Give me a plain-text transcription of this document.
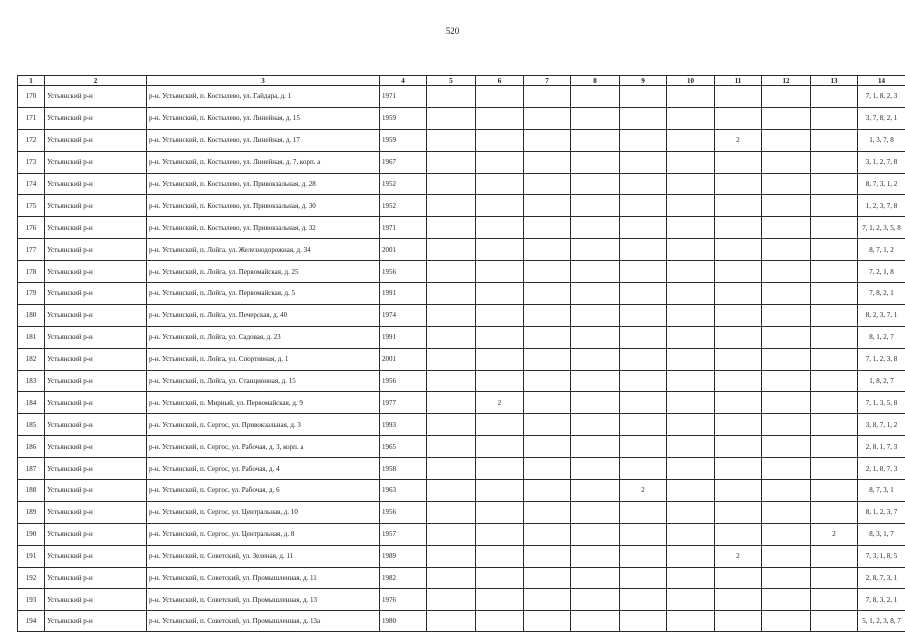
520
1	2	3	4	5	6	7	8	9	10	11	12	13	14
170	Устьянский р-н	р-н. Устьянский, п. Костылево, ул. Гайдара, д. 1	1971										7, 1, 8, 2, 3
171	Устьянский р-н	р-н. Устьянский, п. Костылево, ул. Линейная, д. 15	1959										3, 7, 8, 2, 1
172	Устьянский р-н	р-н. Устьянский, п. Костылево, ул. Линейная, д. 17	1959							2			1, 3, 7, 8
173	Устьянский р-н	р-н. Устьянский, п. Костылево, ул. Линейная, д. 7, корп. а	1967										3, 1, 2, 7, 8
174	Устьянский р-н	р-н. Устьянский, п. Костылево, ул. Привокзальная, д. 28	1952										8, 7, 3, 1, 2
175	Устьянский р-н	р-н. Устьянский, п. Костылево, ул. Привокзальная, д. 30	1952										1, 2, 3, 7, 8
176	Устьянский р-н	р-н. Устьянский, п. Костылево, ул. Привокзальная, д. 32	1971										7, 1, 2, 3, 5, 8
177	Устьянский р-н	р-н. Устьянский, п. Лойга, ул. Железнодорожная, д. 34	2001										8, 7, 1, 2
178	Устьянский р-н	р-н. Устьянский, п. Лойга, ул. Первомайская, д. 25	1956										7, 2, 1, 8
179	Устьянский р-н	р-н. Устьянский, п. Лойга, ул. Первомайская, д. 5	1991										7, 8, 2, 1
180	Устьянский р-н	р-н. Устьянский, п. Лойга, ул. Печерская, д. 40	1974										8, 2, 3, 7, 1
181	Устьянский р-н	р-н. Устьянский, п. Лойга, ул. Садовая, д. 23	1991										8, 1, 2, 7
182	Устьянский р-н	р-н. Устьянский, п. Лойга, ул. Спортивная, д. 1	2001										7, 1, 2, 3, 8
183	Устьянский р-н	р-н. Устьянский, п. Лойга, ул. Станционная, д. 15	1956										1, 8, 2, 7
184	Устьянский р-н	р-н. Устьянский, п. Мирный, ул. Первомайская, д. 9	1977		2								7, 1, 3, 5, 8
185	Устьянский р-н	р-н. Устьянский, п. Сергос, ул. Привокзальная, д. 3	1993										3, 8, 7, 1, 2
186	Устьянский р-н	р-н. Устьянский, п. Сергос, ул. Рабочая, д. 3, корп. а	1965										2, 8, 1, 7, 3
187	Устьянский р-н	р-н. Устьянский, п. Сергос, ул. Рабочая, д. 4	1958										2, 1, 8, 7, 3
188	Устьянский р-н	р-н. Устьянский, п. Сергос, ул. Рабочая, д. 6	1963					2					8, 7, 3, 1
189	Устьянский р-н	р-н. Устьянский, п. Сергос, ул. Центральная, д. 10	1956										8, 1, 2, 3, 7
190	Устьянский р-н	р-н. Устьянский, п. Сергос, ул. Центральная, д. 8	1957									2	8, 3, 1, 7
191	Устьянский р-н	р-н. Устьянский, п. Советский, ул. Зеленая, д. 11	1989							2			7, 3, 1, 8, 5
192	Устьянский р-н	р-н. Устьянский, п. Советский, ул. Промышленная, д. 11	1982										2, 8, 7, 3, 1
193	Устьянский р-н	р-н. Устьянский, п. Советский, ул. Промышленная, д. 13	1976										7, 8, 3, 2, 1
194	Устьянский р-н	р-н. Устьянский, п. Советский, ул. Промышленная, д. 13а	1980										5, 1, 2, 3, 8, 7
